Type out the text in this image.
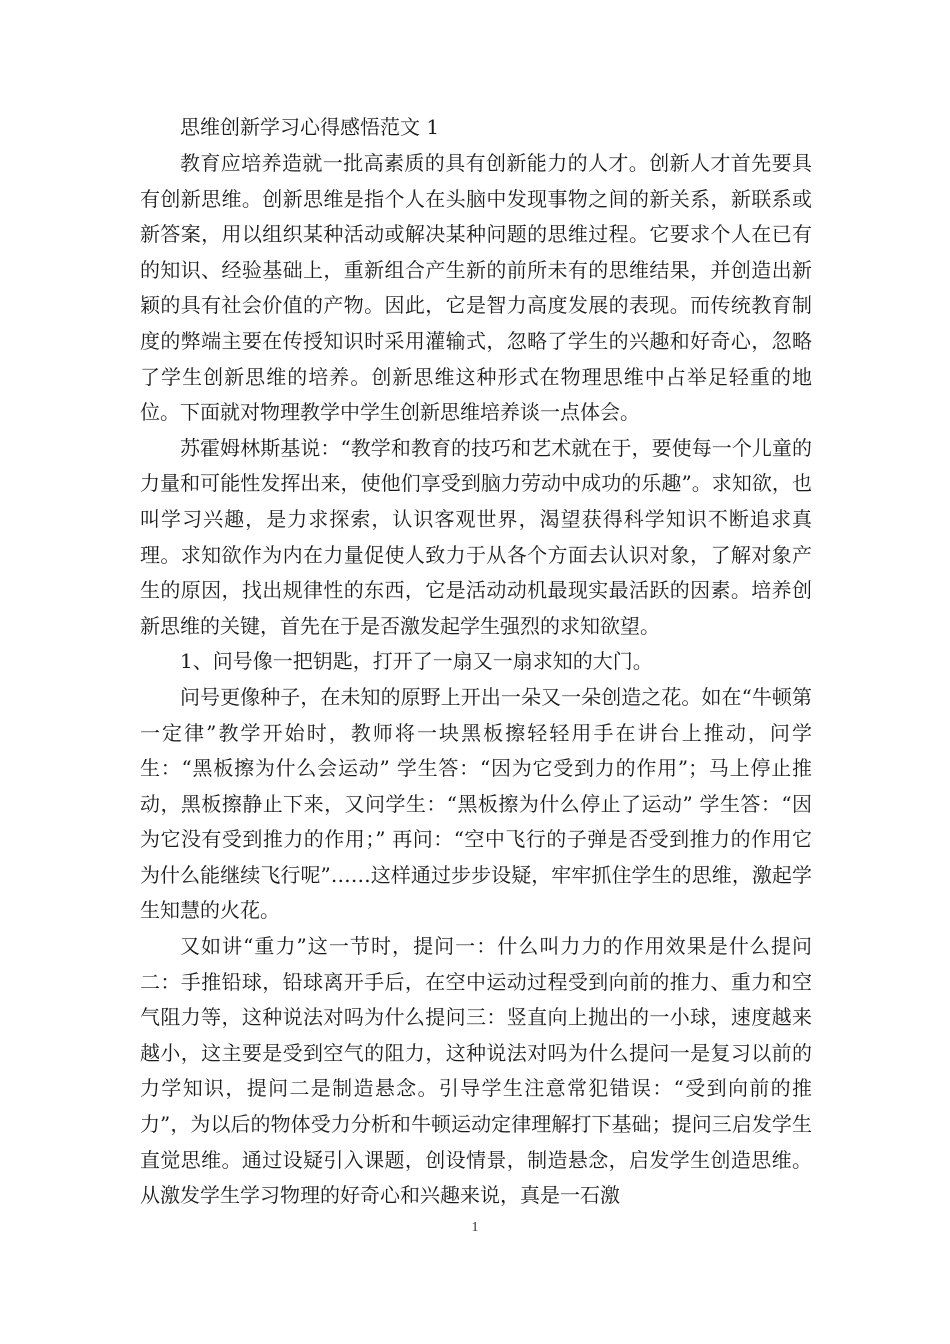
思维创新学习心得感悟范文 1

教育应培养造就一批高素质的具有创新能力的人才。创新人才首先要具有创新思维。创新思维是指个人在头脑中发现事物之间的新关系，新联系或新答案，用以组织某种活动或解决某种问题的思维过程。它要求个人在已有的知识、经验基础上，重新组合产生新的前所未有的思维结果，并创造出新颖的具有社会价值的产物。因此，它是智力高度发展的表现。而传统教育制度的弊端主要在传授知识时采用灌输式，忽略了学生的兴趣和好奇心，忽略了学生创新思维的培养。创新思维这种形式在物理思维中占举足轻重的地位。下面就对物理教学中学生创新思维培养谈一点体会。

苏霍姆林斯基说：“教学和教育的技巧和艺术就在于，要使每一个儿童的力量和可能性发挥出来，使他们享受到脑力劳动中成功的乐趣”。求知欲，也叫学习兴趣，是力求探索，认识客观世界，渴望获得科学知识不断追求真理。求知欲作为内在力量促使人致力于从各个方面去认识对象，了解对象产生的原因，找出规律性的东西，它是活动动机最现实最活跃的因素。培养创新思维的关键，首先在于是否激发起学生强烈的求知欲望。

1、问号像一把钥匙，打开了一扇又一扇求知的大门。

问号更像种子，在未知的原野上开出一朵又一朵创造之花。如在“牛顿第一定律”教学开始时，教师将一块黑板擦轻轻用手在讲台上推动，问学生：“黑板擦为什么会运动” 学生答：“因为它受到力的作用”；马上停止推动，黑板擦静止下来，又问学生：“黑板擦为什么停止了运动” 学生答：“因为它没有受到推力的作用；” 再问：“空中飞行的子弹是否受到推力的作用它为什么能继续飞行呢”……这样通过步步设疑，牢牢抓住学生的思维，激起学生知慧的火花。

又如讲“重力”这一节时，提问一：什么叫力力的作用效果是什么提问二：手推铅球，铅球离开手后，在空中运动过程受到向前的推力、重力和空气阻力等，这种说法对吗为什么提问三：竖直向上抛出的一小球，速度越来越小，这主要是受到空气的阻力，这种说法对吗为什么提问一是复习以前的力学知识，提问二是制造悬念。引导学生注意常犯错误：“受到向前的推力”，为以后的物体受力分析和牛顿运动定律理解打下基础；提问三启发学生直觉思维。通过设疑引入课题，创设情景，制造悬念，启发学生创造思维。从激发学生学习物理的好奇心和兴趣来说，真是一石激

1
